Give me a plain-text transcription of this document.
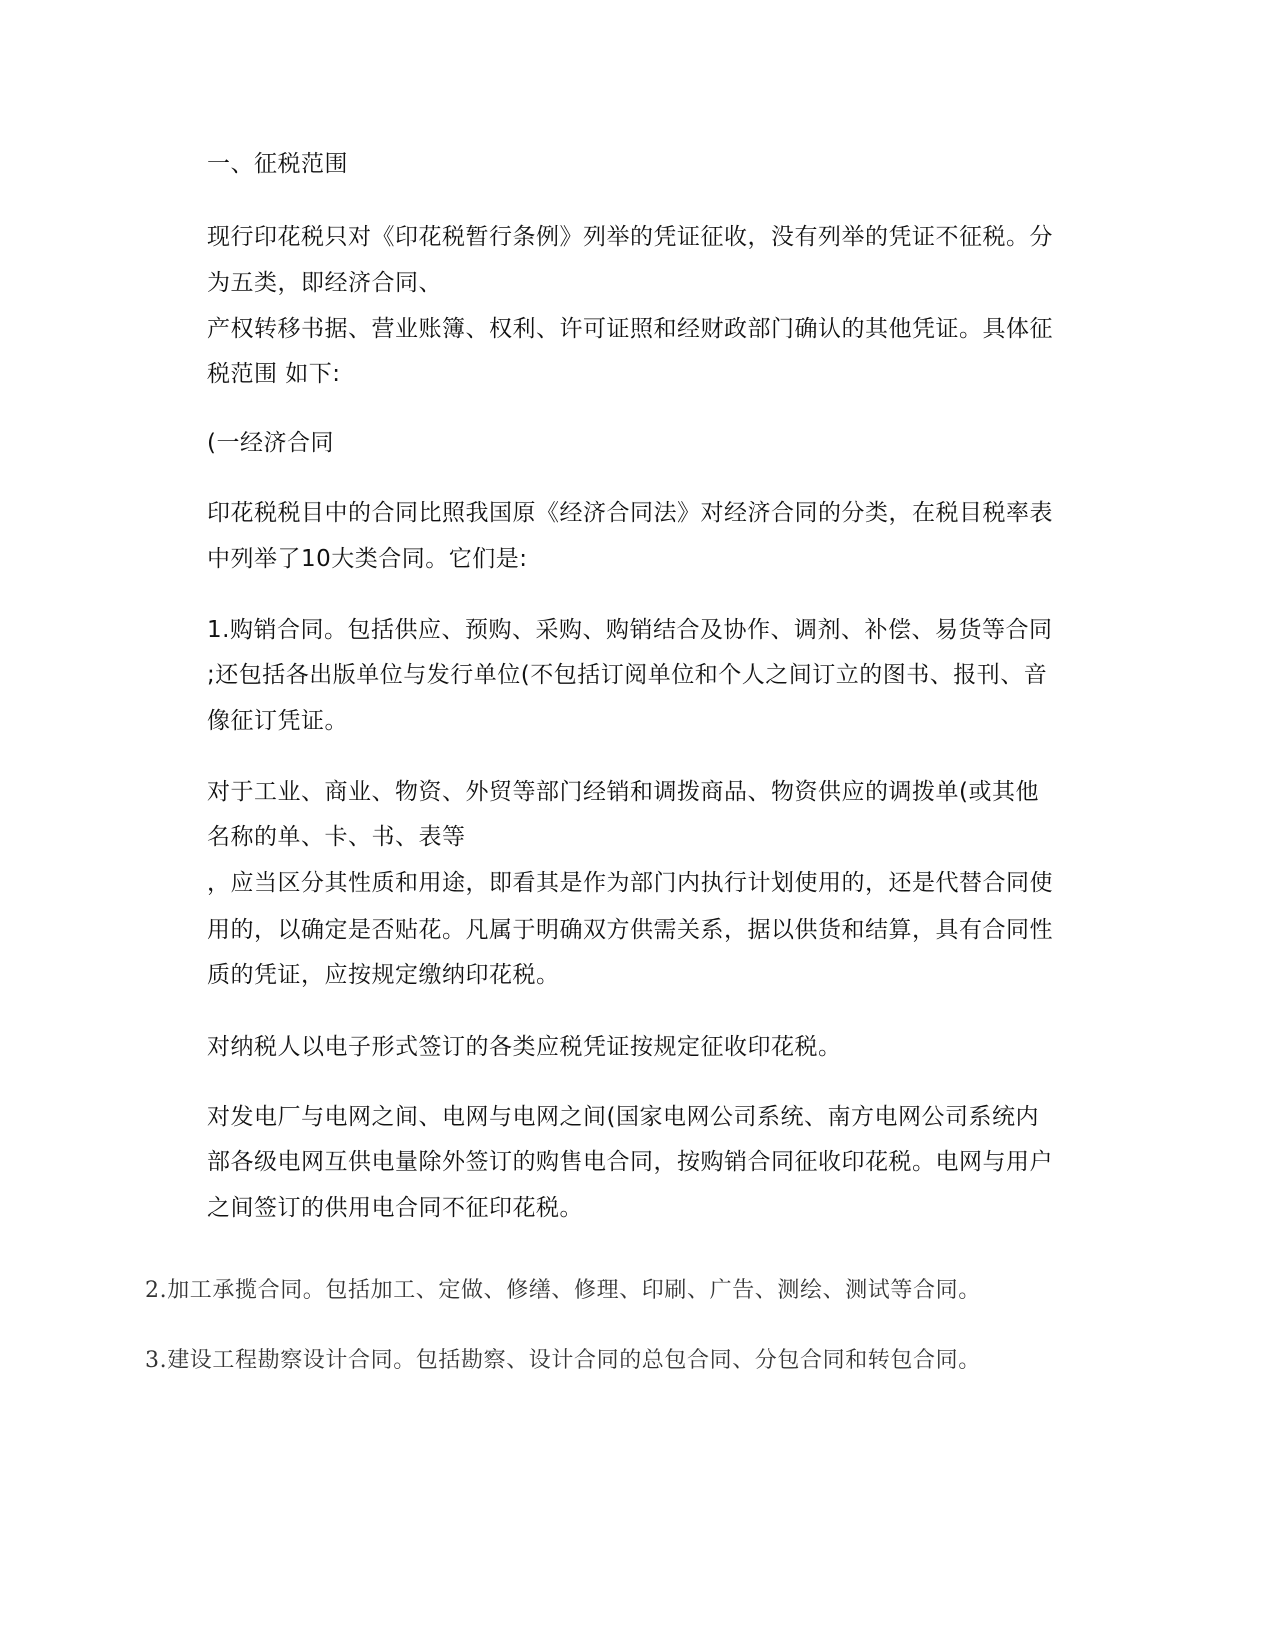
一、征税范围

现行印花税只对《印花税暂行条例》列举的凭证征收，没有列举的凭证不征税。分

为五类，即经济合同、

产权转移书据、营业账簿、权利、许可证照和经财政部门确认的其他凭证。具体征

税范围 如下:

(一经济合同

印花税税目中的合同比照我国原《经济合同法》对经济合同的分类，在税目税率表

中列举了10大类合同。它们是:

1.购销合同。包括供应、预购、采购、购销结合及协作、调剂、补偿、易货等合同

;还包括各出版单位与发行单位(不包括订阅单位和个人之间订立的图书、报刊、音

像征订凭证。

对于工业、商业、物资、外贸等部门经销和调拨商品、物资供应的调拨单(或其他

名称的单、卡、书、表等

，应当区分其性质和用途，即看其是作为部门内执行计划使用的，还是代替合同使

用的，以确定是否贴花。凡属于明确双方供需关系，据以供货和结算，具有合同性

质的凭证，应按规定缴纳印花税。

对纳税人以电子形式签订的各类应税凭证按规定征收印花税。

对发电厂与电网之间、电网与电网之间(国家电网公司系统、南方电网公司系统内

部各级电网互供电量除外签订的购售电合同，按购销合同征收印花税。电网与用户

之间签订的供用电合同不征印花税。

2.加工承揽合同。包括加工、定做、修缮、修理、印刷、广告、测绘、测试等合同。

3.建设工程勘察设计合同。包括勘察、设计合同的总包合同、分包合同和转包合同。
